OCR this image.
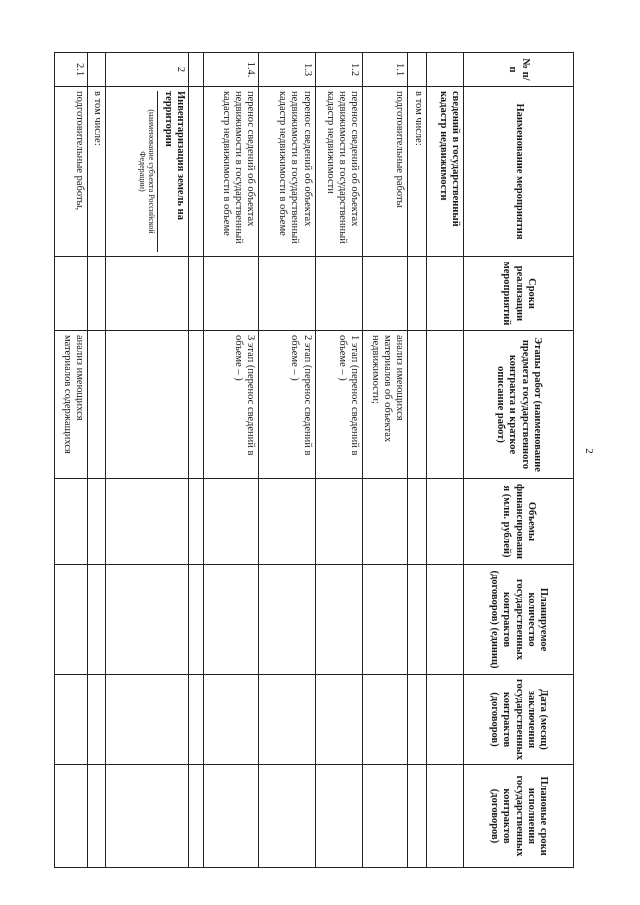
2
№ п/п	Наименование мероприятия	Сроки реализации мероприятий	Этапы работ (наименование предмета государственного контракта и краткое описание работ)	Объемы финансирования (млн. рублей)	Планируемое количество государственных контрактов (договоров) (единиц)	Дата (месяц) заключения государственных контрактов (договоров)	Плановые сроки исполнения государственных контрактов (договоров)
	сведений в государственный кадастр недвижимости						
	в том числе:						
1.1	подготовительные работы		анализ имеющихся материалов об объектах недвижимости;				
1.2	перенос сведений об объектах недвижимости в государственный кадастр недвижимости		1 этап (перенос сведений в объеме – )				
1.3	перенос сведений об объектах недвижимости в государственный кадастр недвижимости в объеме		2 этап (перенос сведений в объеме – )				
1.4.	перенос сведений об объектах недвижимости в государственный кадастр недвижимости в объеме		3 этап (перенос сведений в объеме – )				

2	Инвентаризация земель на территории
(наименование субъекта Российской Федерации)						

	в том числе:						
2.1	подготовительные работы,		анализ имеющихся материалов содержащихся				
